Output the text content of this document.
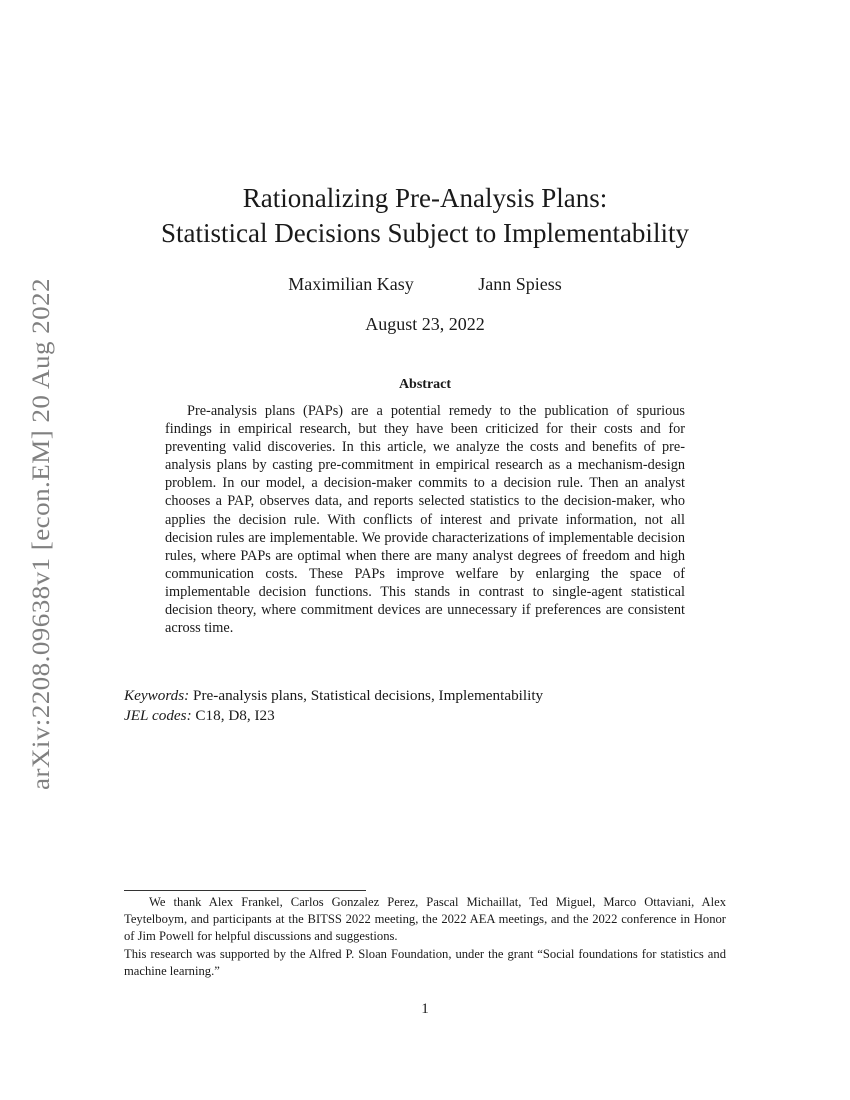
arXiv:2208.09638v1 [econ.EM] 20 Aug 2022
Rationalizing Pre-Analysis Plans:
Statistical Decisions Subject to Implementability
Maximilian Kasy	Jann Spiess
August 23, 2022
Abstract
Pre-analysis plans (PAPs) are a potential remedy to the publication of spurious findings in empirical research, but they have been criticized for their costs and for preventing valid discoveries. In this article, we analyze the costs and benefits of pre-analysis plans by casting pre-commitment in empirical research as a mechanism-design problem. In our model, a decision-maker commits to a decision rule. Then an analyst chooses a PAP, observes data, and reports selected statistics to the decision-maker, who applies the decision rule. With conflicts of interest and private information, not all decision rules are implementable. We provide characterizations of implementable decision rules, where PAPs are optimal when there are many analyst degrees of freedom and high communication costs. These PAPs improve welfare by enlarging the space of implementable decision functions. This stands in contrast to single-agent statistical decision theory, where commitment devices are unnecessary if preferences are consistent across time.
Keywords: Pre-analysis plans, Statistical decisions, Implementability
JEL codes: C18, D8, I23

We thank Alex Frankel, Carlos Gonzalez Perez, Pascal Michaillat, Ted Miguel, Marco Ottaviani, Alex Teytelboym, and participants at the BITSS 2022 meeting, the 2022 AEA meetings, and the 2022 conference in Honor of Jim Powell for helpful discussions and suggestions.

This research was supported by the Alfred P. Sloan Foundation, under the grant “Social foundations for statistics and machine learning.”

1
